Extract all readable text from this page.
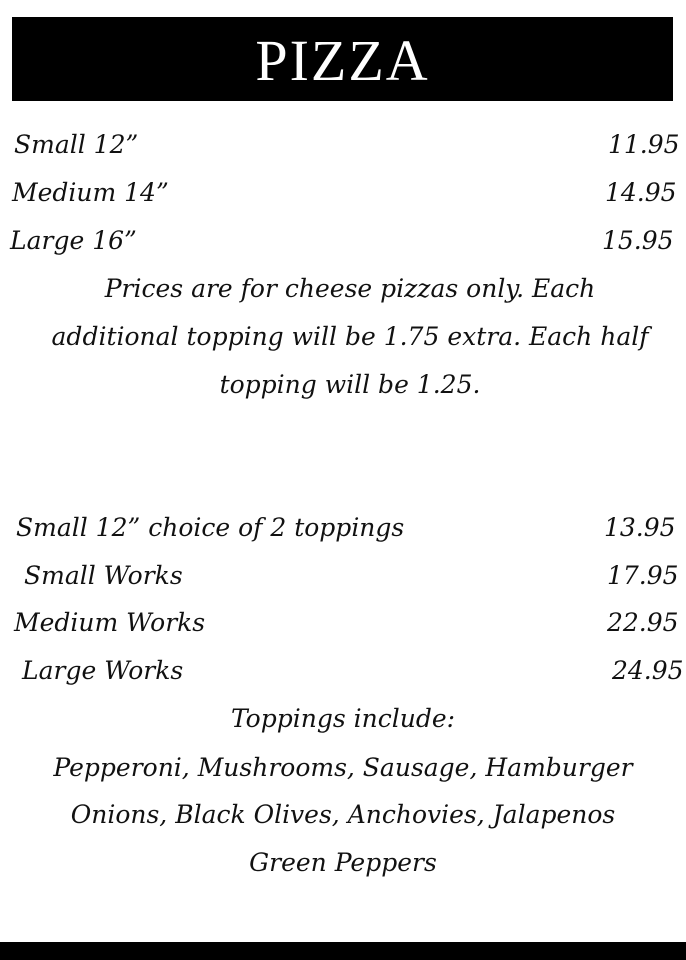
PIZZA
Small 12”	11.95
Medium 14”	14.95
Large 16”	15.95
Prices are for cheese pizzas only. Each additional topping will be 1.75 extra. Each half topping will be 1.25.
Small 12” choice of 2 toppings	13.95
Small Works	17.95
Medium Works	22.95
Large Works	24.95
Toppings include:
Pepperoni, Mushrooms, Sausage, Hamburger
Onions, Black Olives, Anchovies, Jalapenos
Green Peppers
